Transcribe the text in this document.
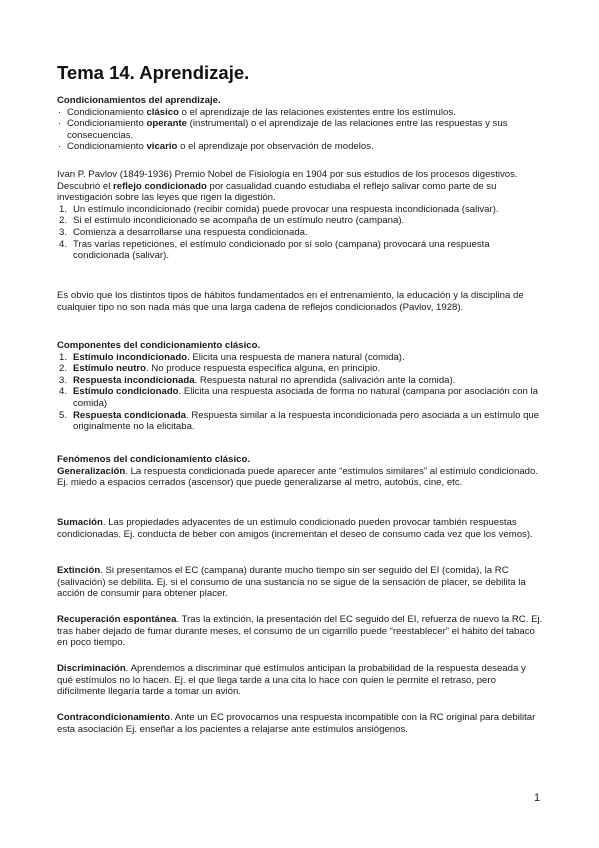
Tema 14. Aprendizaje.

Condicionamientos del aprendizaje.

· Condicionamiento clásico o el aprendizaje de las relaciones existentes entre los estímulos.
· Condicionamiento operante (instrumental) o el aprendizaje de las relaciones entre las respuestas y sus consecuencias.
· Condicionamiento vicario o el aprendizaje por observación de modelos.

Ivan P. Pavlov (1849-1936) Premio Nobel de Fisiología en 1904 por sus estudios de los procesos digestivos. Descubrió el reflejo condicionado por casualidad cuando estudiaba el reflejo salivar como parte de su investigación sobre las leyes que rigen la digestión.

1. Un estímulo incondicionado (recibir comida) puede provocar una respuesta incondicionada (salivar).
2. Si el estímulo incondicionado se acompaña de un estímulo neutro (campana).
3. Comienza a desarrollarse una respuesta condicionada.
4. Tras varias repeticiones, el estímulo condicionado por sí solo (campana) provocará una respuesta condicionada (salivar).

Es obvio que los distintos tipos de hábitos fundamentados en el entrenamiento, la educación y la disciplina de cualquier tipo no son nada más que una larga cadena de reflejos condicionados (Pavlov, 1928).

Componentes del condicionamiento clásico.

1. Estímulo incondicionado. Elicita una respuesta de manera natural (comida).
2. Estímulo neutro. No produce respuesta específica alguna, en principio.
3. Respuesta incondicionada. Respuesta natural no aprendida (salivación ante la comida).
4. Estímulo condicionado. Elicita una respuesta asociada de forma no natural (campana por asociación con la comida)
5. Respuesta condicionada. Respuesta similar a la respuesta incondicionada pero asociada a un estímulo que originalmente no la elicitaba.

Fenómenos del condicionamiento clásico.

Generalización. La respuesta condicionada puede aparecer ante “estímulos similares” al estímulo condicionado. Ej. miedo a espacios cerrados (ascensor) que puede generalizarse al metro, autobús, cine, etc.

Sumación. Las propiedades adyacentes de un estímulo condicionado pueden provocar también respuestas condicionadas. Ej. conducta de beber con amigos (incrementan el deseo de consumo cada vez que los vemos).

Extinción. Si presentamos el EC (campana) durante mucho tiempo sin ser seguido del EI (comida), la RC (salivación) se debilita. Ej. si el consumo de una sustancia no se sigue de la sensación de placer, se debilita la acción de consumir para obtener placer.

Recuperación espontánea. Tras la extinción, la presentación del EC seguido del EI, refuerza de nuevo la RC. Ej. tras haber dejado de fumar durante meses, el consumo de un cigarrillo puede “reestablecer” el hábito del tabaco en poco tiempo.

Discriminación. Aprendemos a discriminar qué estímulos anticipan la probabilidad de la respuesta deseada y qué estímulos no lo hacen. Ej. el que llega tarde a una cita lo hace con quien le permite el retraso, pero difícilmente llegaría tarde a tomar un avión.

Contracondicionamiento. Ante un EC provocamos una respuesta incompatible con la RC original para debilitar esta asociación Ej. enseñar a los pacientes a relajarse ante estímulos ansiógenos.

1
